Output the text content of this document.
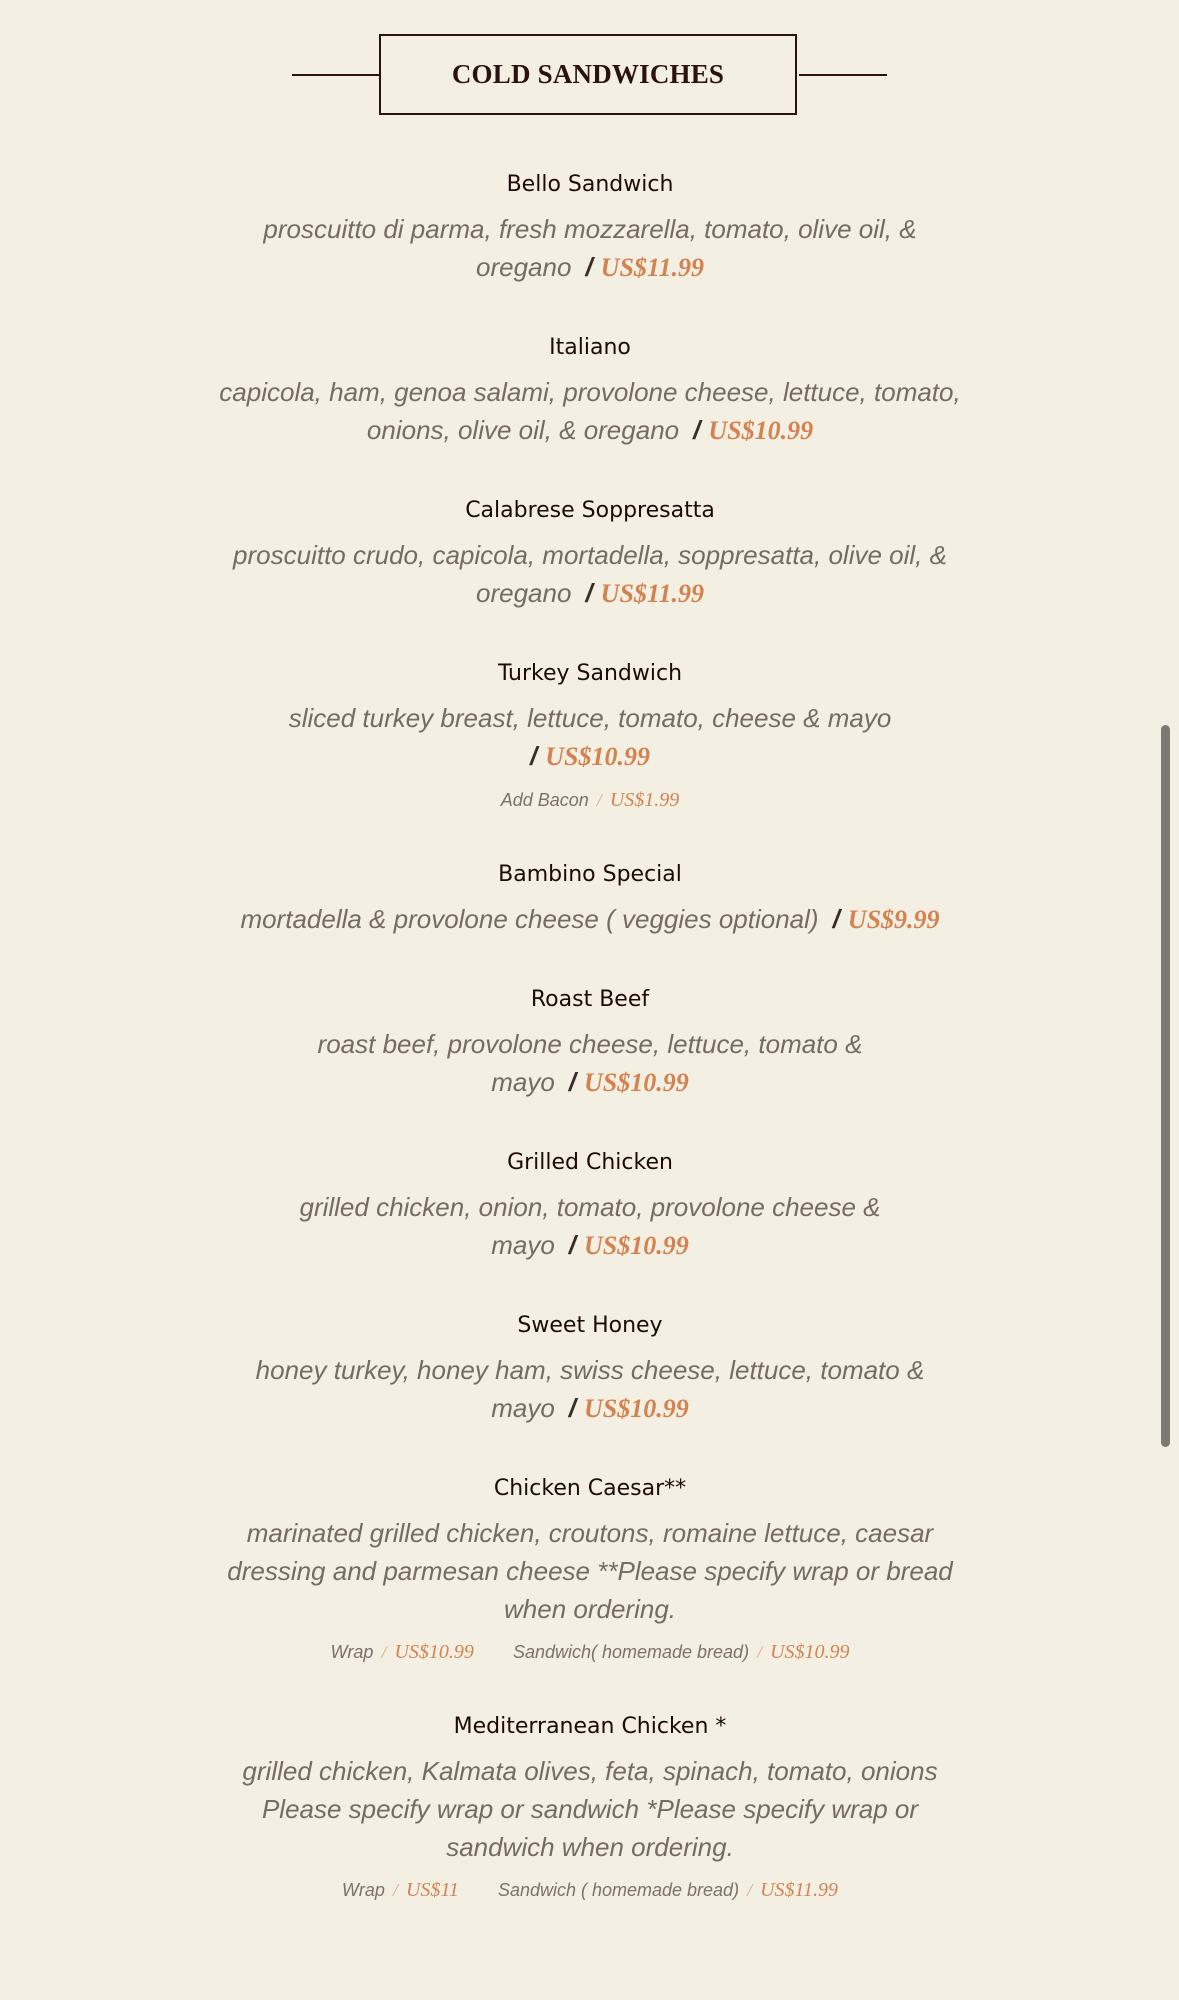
COLD SANDWICHES
Bello Sandwich
proscuitto di parma, fresh mozzarella, tomato, olive oil, & oregano / US$11.99
Italiano
capicola, ham, genoa salami, provolone cheese, lettuce, tomato, onions, olive oil, & oregano / US$10.99
Calabrese Soppresatta
proscuitto crudo, capicola, mortadella, soppresatta, olive oil, & oregano / US$11.99
Turkey Sandwich
sliced turkey breast, lettuce, tomato, cheese & mayo
/ US$10.99
Add Bacon / US$1.99
Bambino Special
mortadella & provolone cheese ( veggies optional) / US$9.99
Roast Beef
roast beef, provolone cheese, lettuce, tomato & mayo / US$10.99
Grilled Chicken
grilled chicken, onion, tomato, provolone cheese & mayo / US$10.99
Sweet Honey
honey turkey, honey ham, swiss cheese, lettuce, tomato & mayo / US$10.99
Chicken Caesar**
marinated grilled chicken, croutons, romaine lettuce, caesar dressing and parmesan cheese **Please specify wrap or bread when ordering.
Wrap / US$10.99 Sandwich( homemade bread) / US$10.99
Mediterranean Chicken *
grilled chicken, Kalmata olives, feta, spinach, tomato, onions Please specify wrap or sandwich *Please specify wrap or sandwich when ordering.
Wrap / US$11 Sandwich ( homemade bread) / US$11.99
